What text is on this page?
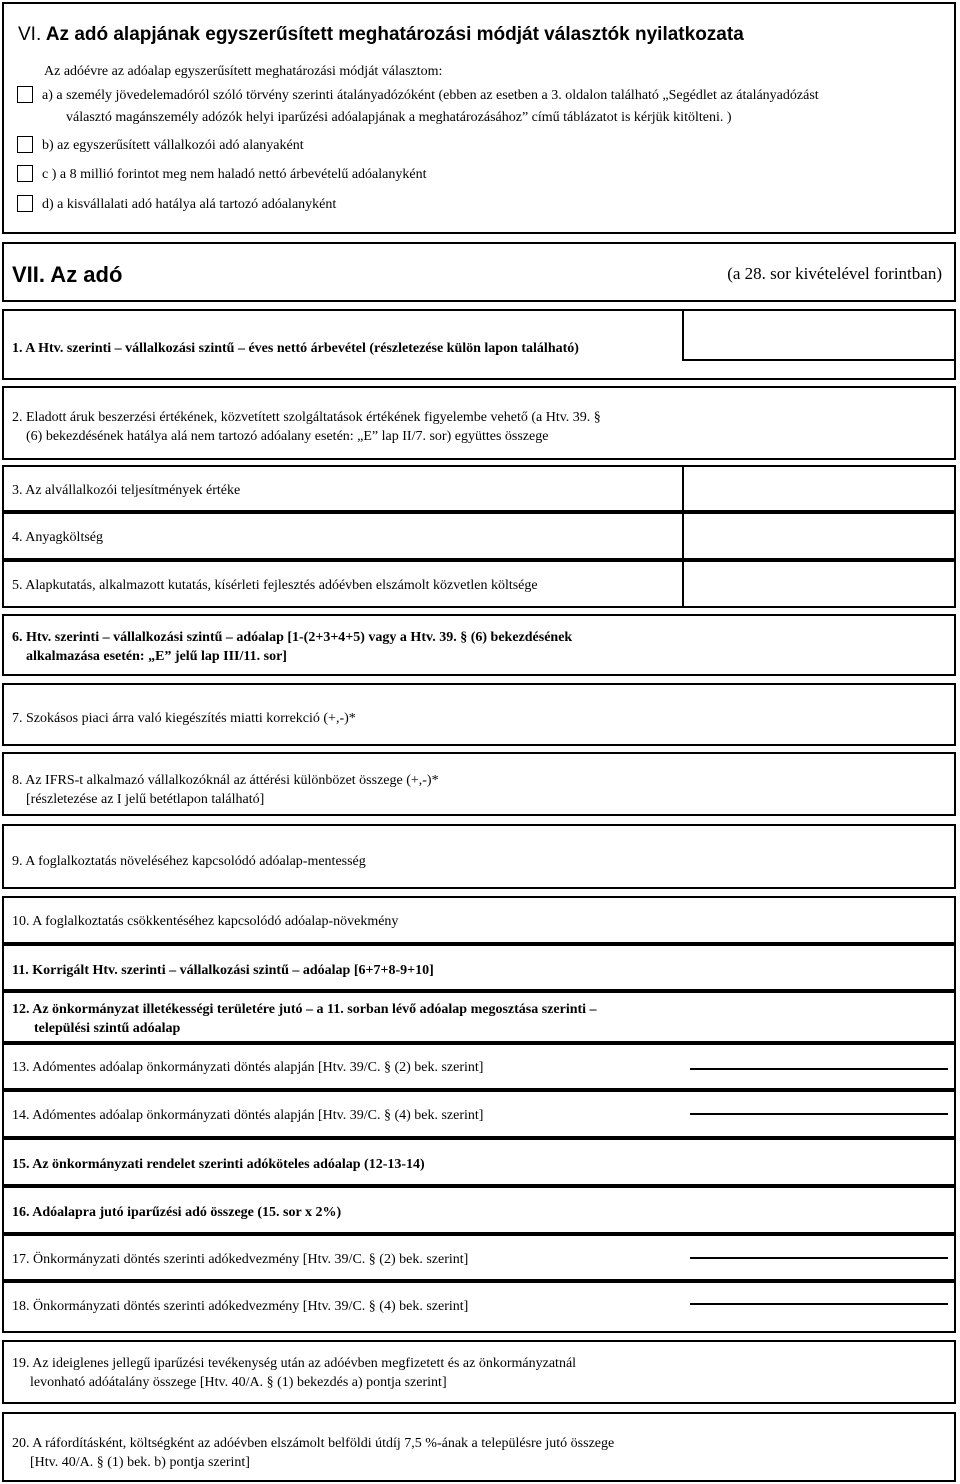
VI. Az adó alapjának egyszerűsített meghatározási módját választók nyilatkozata
Az adóévre az adóalap egyszerűsített meghatározási módját választom:
a) a személy jövedelemadóról szóló törvény szerinti átalányadózóként (ebben az esetben a 3. oldalon található „Segédlet az átalányadózást

választó magánszemély adózók helyi iparűzési adóalapjának a meghatározásához” című táblázatot is kérjük kitölteni. )
b) az egyszerűsített vállalkozói adó alanyaként
c ) a 8 millió forintot meg nem haladó nettó árbevételű adóalanyként
d) a kisvállalati adó hatálya alá tartozó adóalanyként
VII. Az adó	(a 28. sor kivételével forintban)
1. A Htv. szerinti – vállalkozási szintű – éves nettó árbevétel (részletezése külön lapon található)
2. Eladott áruk beszerzési értékének, közvetített szolgáltatások értékének figyelembe vehető (a Htv. 39. §
(6) bekezdésének hatálya alá nem tartozó adóalany esetén: „E” lap II/7. sor) együttes összege
3. Az alvállalkozói teljesítmények értéke
4. Anyagköltség
5. Alapkutatás, alkalmazott kutatás, kísérleti fejlesztés adóévben elszámolt közvetlen költsége
6. Htv. szerinti – vállalkozási szintű – adóalap [1-(2+3+4+5) vagy a Htv. 39. § (6) bekezdésének
alkalmazása esetén: „E” jelű lap III/11. sor]
7. Szokásos piaci árra való kiegészítés miatti korrekció (+,-)*
8. Az IFRS-t alkalmazó vállalkozóknál az áttérési különbözet összege (+,-)*
[részletezése az I jelű betétlapon található]
9. A foglalkoztatás növeléséhez kapcsolódó adóalap-mentesség
10. A foglalkoztatás csökkentéséhez kapcsolódó adóalap-növekmény
11. Korrigált Htv. szerinti – vállalkozási szintű – adóalap [6+7+8-9+10]
12. Az önkormányzat illetékességi területére jutó – a 11. sorban lévő adóalap megosztása szerinti –
települési szintű adóalap
13. Adómentes adóalap önkormányzati döntés alapján [Htv. 39/C. § (2) bek. szerint]
14. Adómentes adóalap önkormányzati döntés alapján [Htv. 39/C. § (4) bek. szerint]
15. Az önkormányzati rendelet szerinti adóköteles adóalap (12-13-14)
16. Adóalapra jutó iparűzési adó összege (15. sor x 2%)
17. Önkormányzati döntés szerinti adókedvezmény [Htv. 39/C. § (2) bek. szerint]
18. Önkormányzati döntés szerinti adókedvezmény [Htv. 39/C. § (4) bek. szerint]
19. Az ideiglenes jellegű iparűzési tevékenység után az adóévben megfizetett és az önkormányzatnál
levonható adóátalány összege [Htv. 40/A. § (1) bekezdés a) pontja szerint]
20. A ráfordításként, költségként az adóévben elszámolt belföldi útdíj 7,5 %-ának a településre jutó összege
[Htv. 40/A. § (1) bek. b) pontja szerint]
